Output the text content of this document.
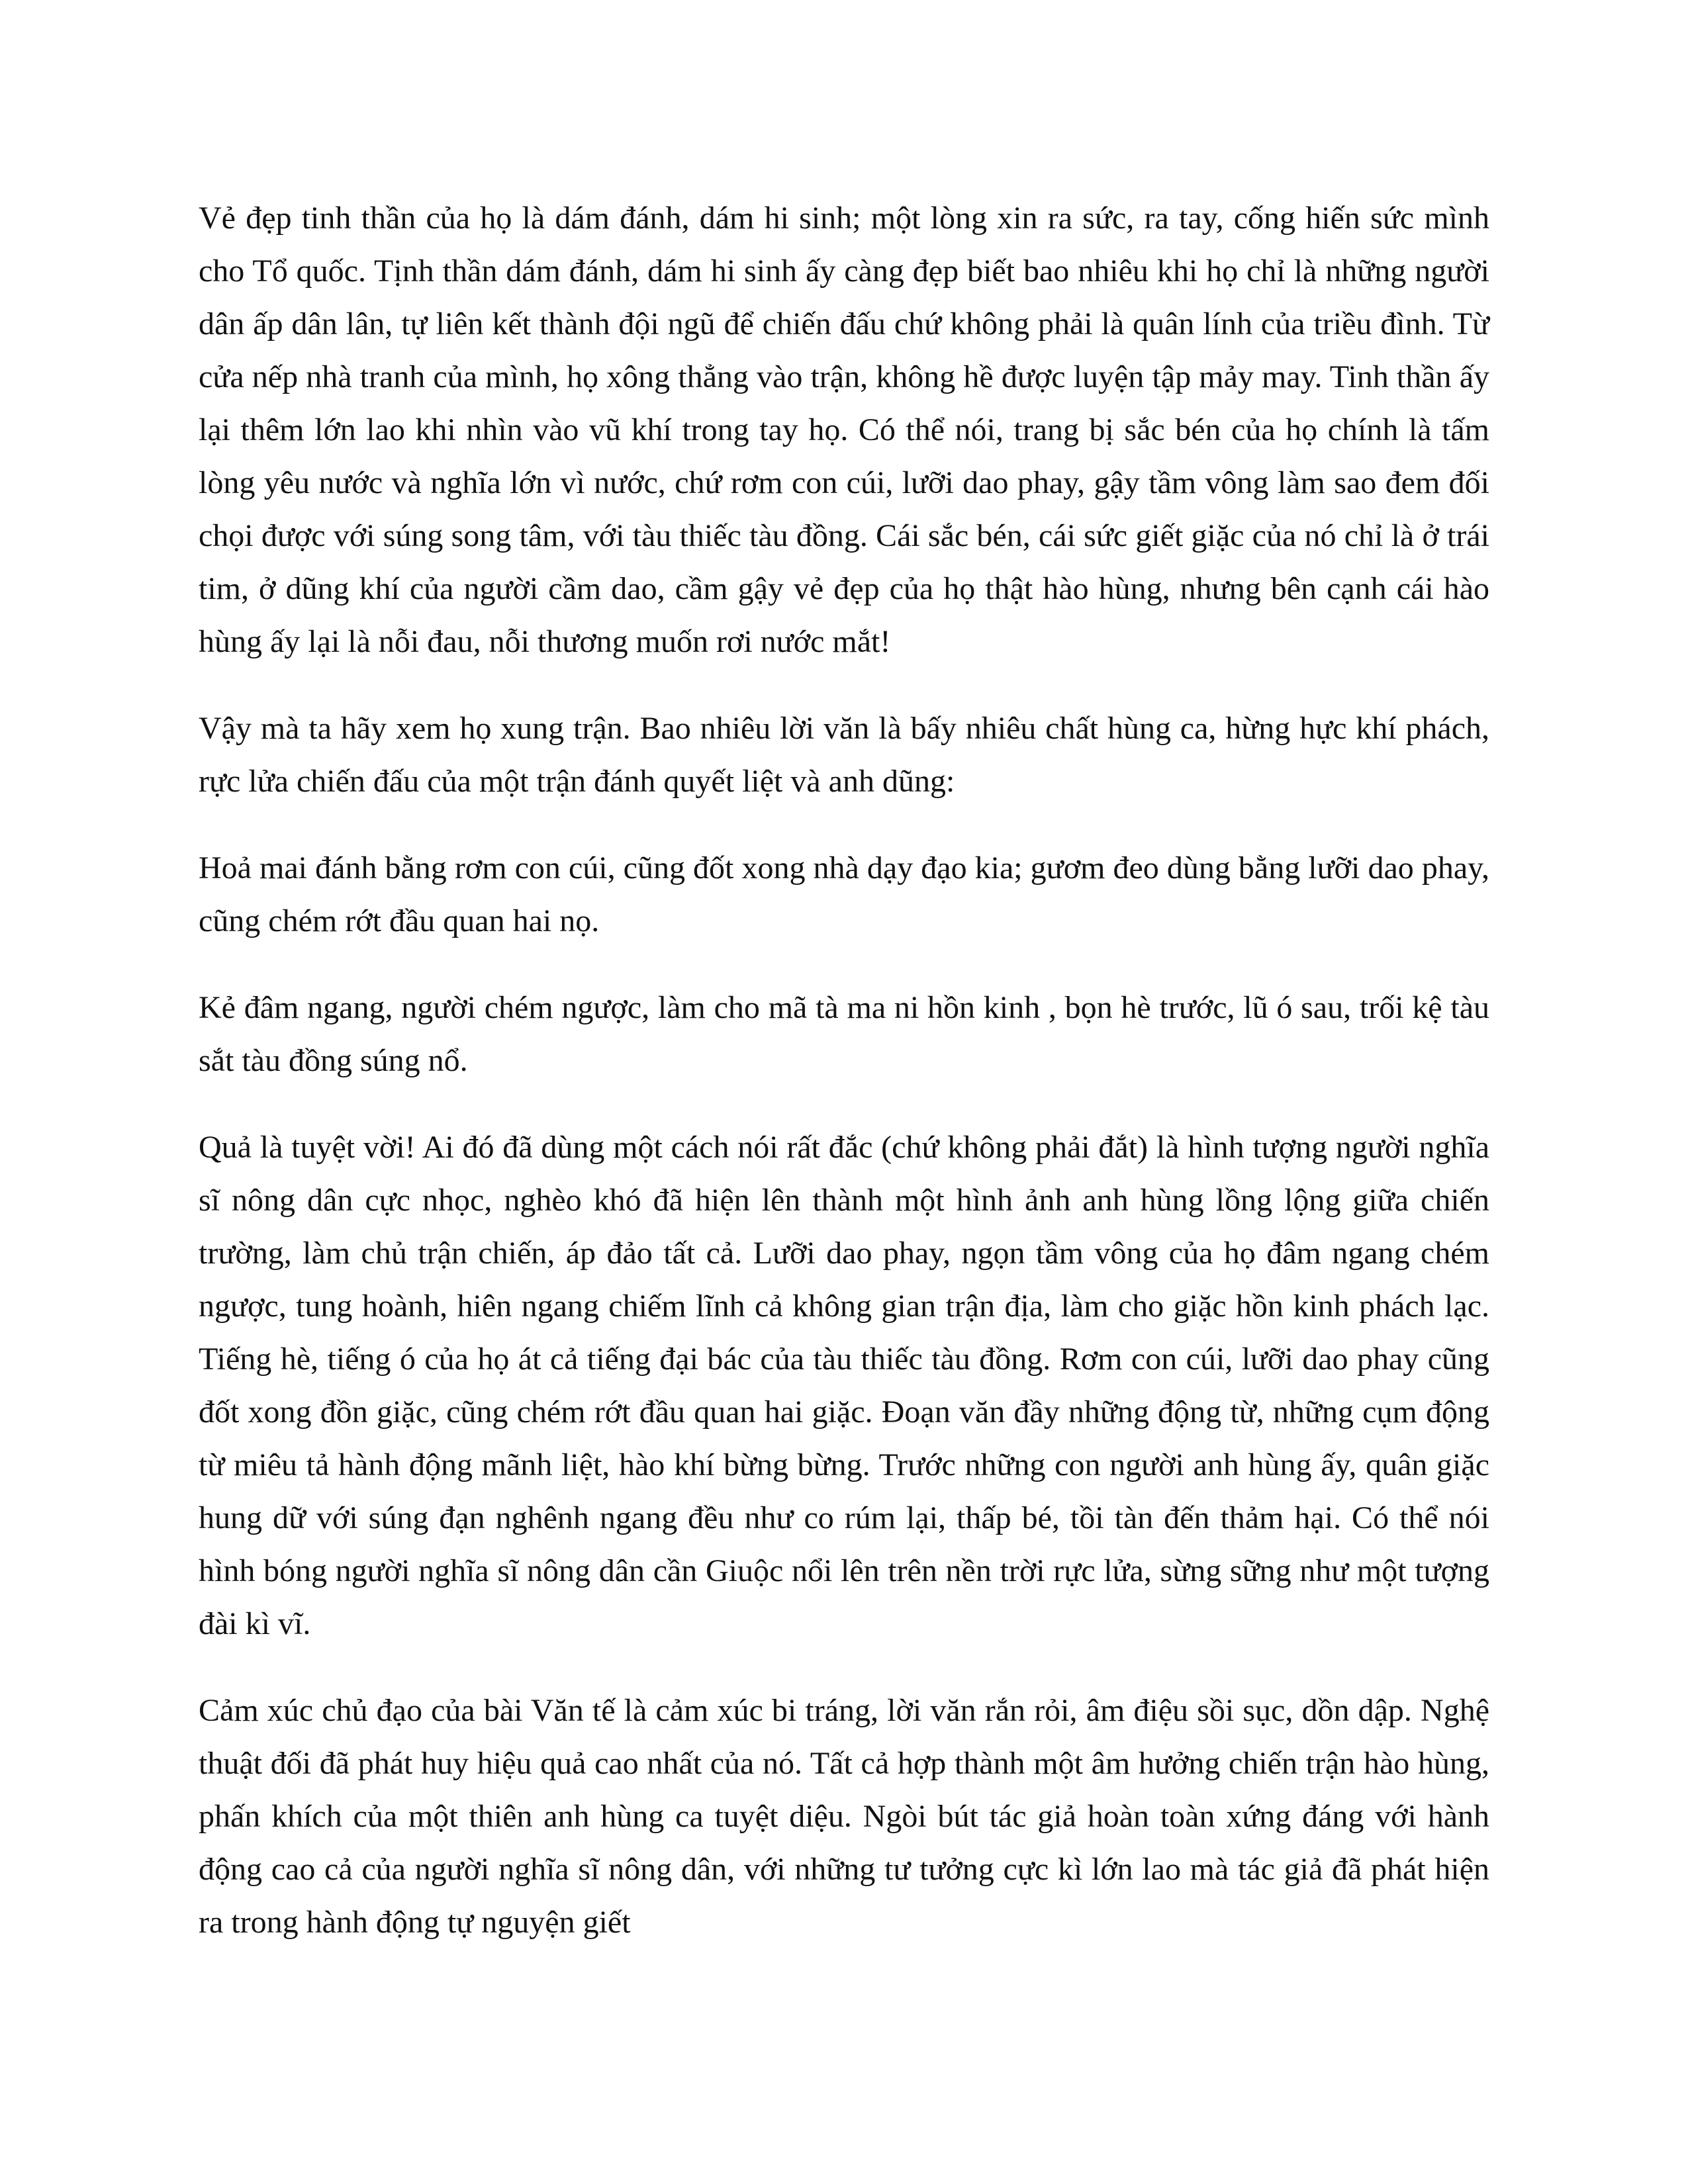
Vẻ đẹp tinh thần của họ là dám đánh, dám hi sinh; một lòng xin ra sức, ra tay, cống hiến sức mình cho Tổ quốc. Tịnh thần dám đánh, dám hi sinh ấy càng đẹp biết bao nhiêu khi họ chỉ là những người dân ấp dân lân, tự liên kết thành đội ngũ để chiến đấu chứ không phải là quân lính của triều đình. Từ cửa nếp nhà tranh của mình, họ xông thẳng vào trận, không hề được luyện tập mảy may. Tinh thần ấy lại thêm lớn lao khi nhìn vào vũ khí trong tay họ. Có thể nói, trang bị sắc bén của họ chính là tấm lòng yêu nước và nghĩa lớn vì nước, chứ rơm con cúi, lưỡi dao phay, gậy tầm vông làm sao đem đối chọi được với súng song tâm, với tàu thiếc tàu đồng. Cái sắc bén, cái sức giết giặc của nó chỉ là ở trái tim, ở dũng khí của người cầm dao, cầm gậy vẻ đẹp của họ thật hào hùng, nhưng bên cạnh cái hào hùng ấy lại là nỗi đau, nỗi thương muốn rơi nước mắt!

Vậy mà ta hãy xem họ xung trận. Bao nhiêu lời văn là bấy nhiêu chất hùng ca, hừng hực khí phách, rực lửa chiến đấu của một trận đánh quyết liệt và anh dũng:

Hoả mai đánh bằng rơm con cúi, cũng đốt xong nhà dạy đạo kia; gươm đeo dùng bằng lưỡi dao phay, cũng chém rớt đầu quan hai nọ.

Kẻ đâm ngang, người chém ngược, làm cho mã tà ma ni hồn kinh , bọn hè trước, lũ ó sau, trối kệ tàu sắt tàu đồng súng nổ.

Quả là tuyệt vời! Ai đó đã dùng một cách nói rất đắc (chứ không phải đắt) là hình tượng người nghĩa sĩ nông dân cực nhọc, nghèo khó đã hiện lên thành một hình ảnh anh hùng lồng lộng giữa chiến trường, làm chủ trận chiến, áp đảo tất cả. Lưỡi dao phay, ngọn tầm vông của họ đâm ngang chém ngược, tung hoành, hiên ngang chiếm lĩnh cả không gian trận địa, làm cho giặc hồn kinh phách lạc. Tiếng hè, tiếng ó của họ át cả tiếng đại bác của tàu thiếc tàu đồng. Rơm con cúi, lưỡi dao phay cũng đốt xong đồn giặc, cũng chém rớt đầu quan hai giặc. Đoạn văn đầy những động từ, những cụm động từ miêu tả hành động mãnh liệt, hào khí bừng bừng. Trước những con người anh hùng ấy, quân giặc hung dữ với súng đạn nghênh ngang đều như co rúm lại, thấp bé, tồi tàn đến thảm hại. Có thể nói hình bóng người nghĩa sĩ nông dân cần Giuộc nổi lên trên nền trời rực lửa, sừng sững như một tượng đài kì vĩ.

Cảm xúc chủ đạo của bài Văn tế là cảm xúc bi tráng, lời văn rắn rỏi, âm điệu sồi sục, dồn dập. Nghệ thuật đối đã phát huy hiệu quả cao nhất của nó. Tất cả hợp thành một âm hưởng chiến trận hào hùng, phấn khích của một thiên anh hùng ca tuyệt diệu. Ngòi bút tác giả hoàn toàn xứng đáng với hành động cao cả của người nghĩa sĩ nông dân, với những tư tưởng cực kì lớn lao mà tác giả đã phát hiện ra trong hành động tự nguyện giết
